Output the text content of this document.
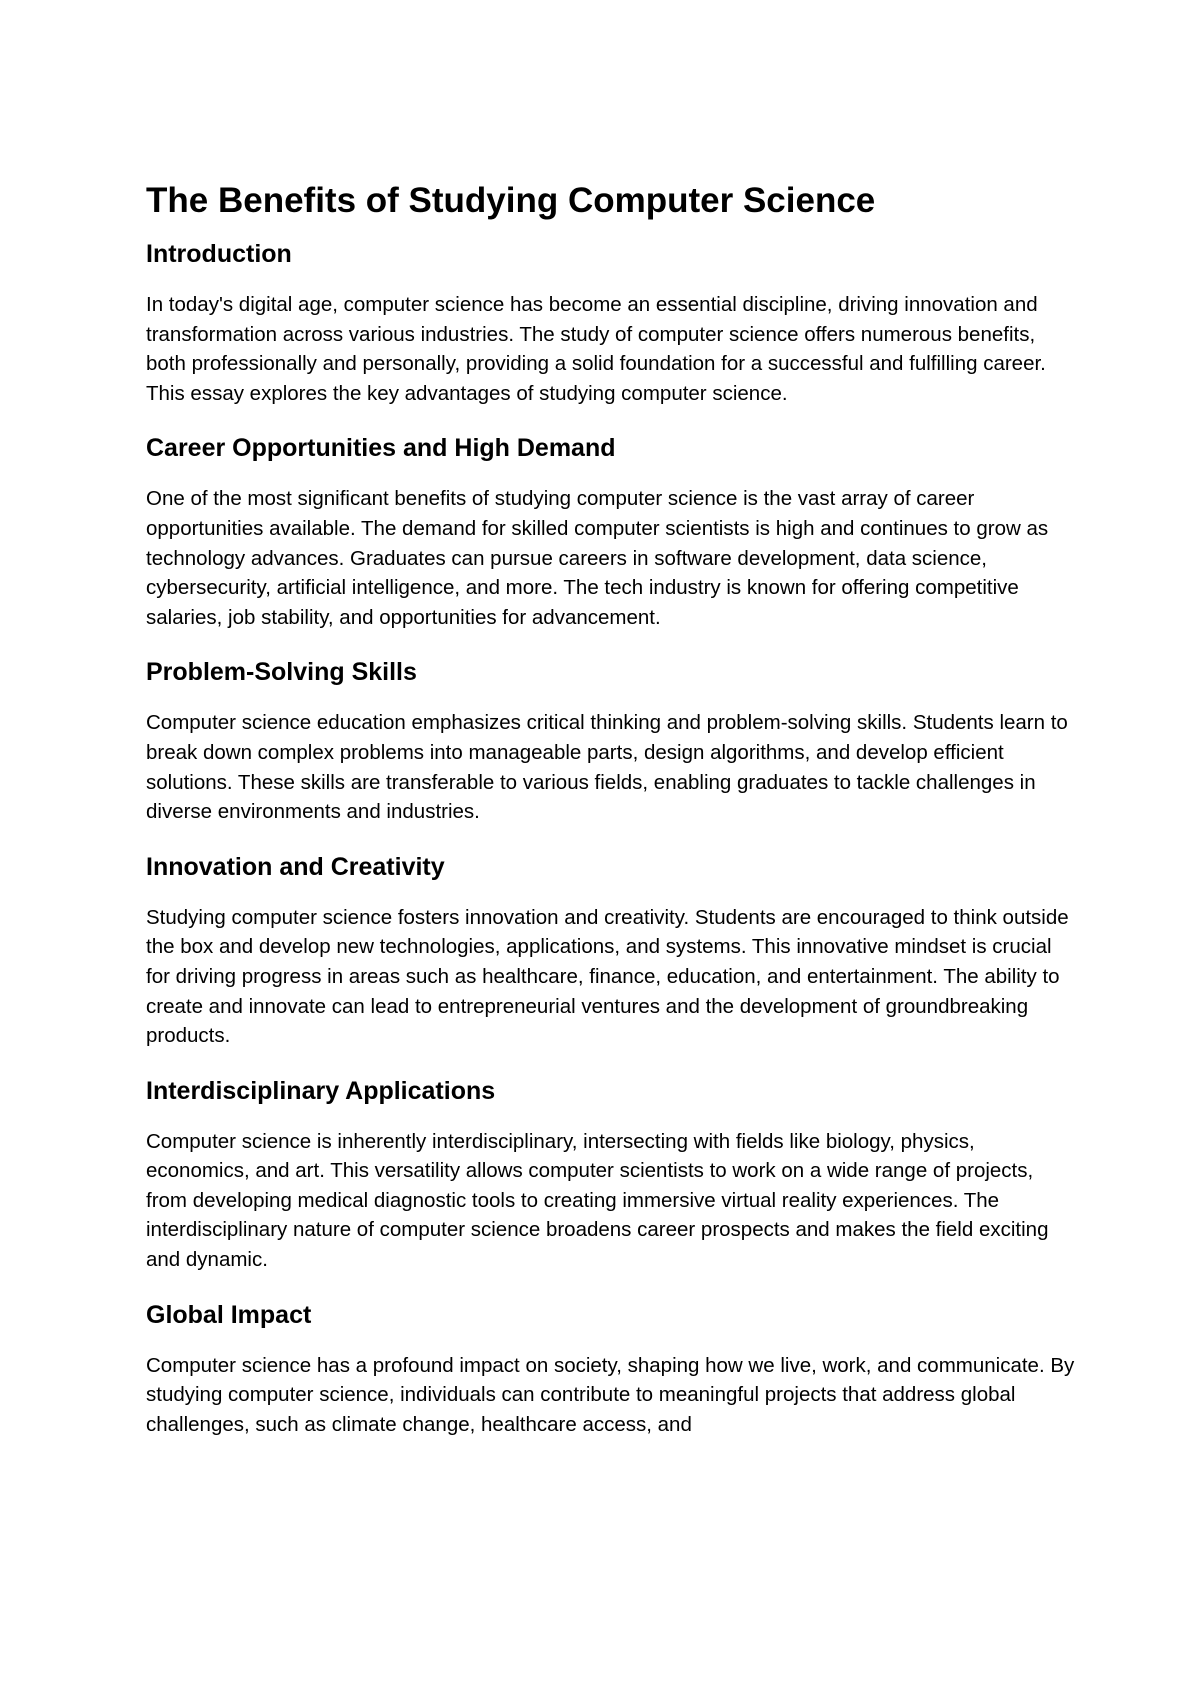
The Benefits of Studying Computer Science
Introduction

In today's digital age, computer science has become an essential discipline, driving innovation and transformation across various industries. The study of computer science offers numerous benefits, both professionally and personally, providing a solid foundation for a successful and fulfilling career. This essay explores the key advantages of studying computer science.

Career Opportunities and High Demand

One of the most significant benefits of studying computer science is the vast array of career opportunities available. The demand for skilled computer scientists is high and continues to grow as technology advances. Graduates can pursue careers in software development, data science, cybersecurity, artificial intelligence, and more. The tech industry is known for offering competitive salaries, job stability, and opportunities for advancement.

Problem-Solving Skills

Computer science education emphasizes critical thinking and problem-solving skills. Students learn to break down complex problems into manageable parts, design algorithms, and develop efficient solutions. These skills are transferable to various fields, enabling graduates to tackle challenges in diverse environments and industries.

Innovation and Creativity

Studying computer science fosters innovation and creativity. Students are encouraged to think outside the box and develop new technologies, applications, and systems. This innovative mindset is crucial for driving progress in areas such as healthcare, finance, education, and entertainment. The ability to create and innovate can lead to entrepreneurial ventures and the development of groundbreaking products.

Interdisciplinary Applications

Computer science is inherently interdisciplinary, intersecting with fields like biology, physics, economics, and art. This versatility allows computer scientists to work on a wide range of projects, from developing medical diagnostic tools to creating immersive virtual reality experiences. The interdisciplinary nature of computer science broadens career prospects and makes the field exciting and dynamic.

Global Impact

Computer science has a profound impact on society, shaping how we live, work, and communicate. By studying computer science, individuals can contribute to meaningful projects that address global challenges, such as climate change, healthcare access, and
